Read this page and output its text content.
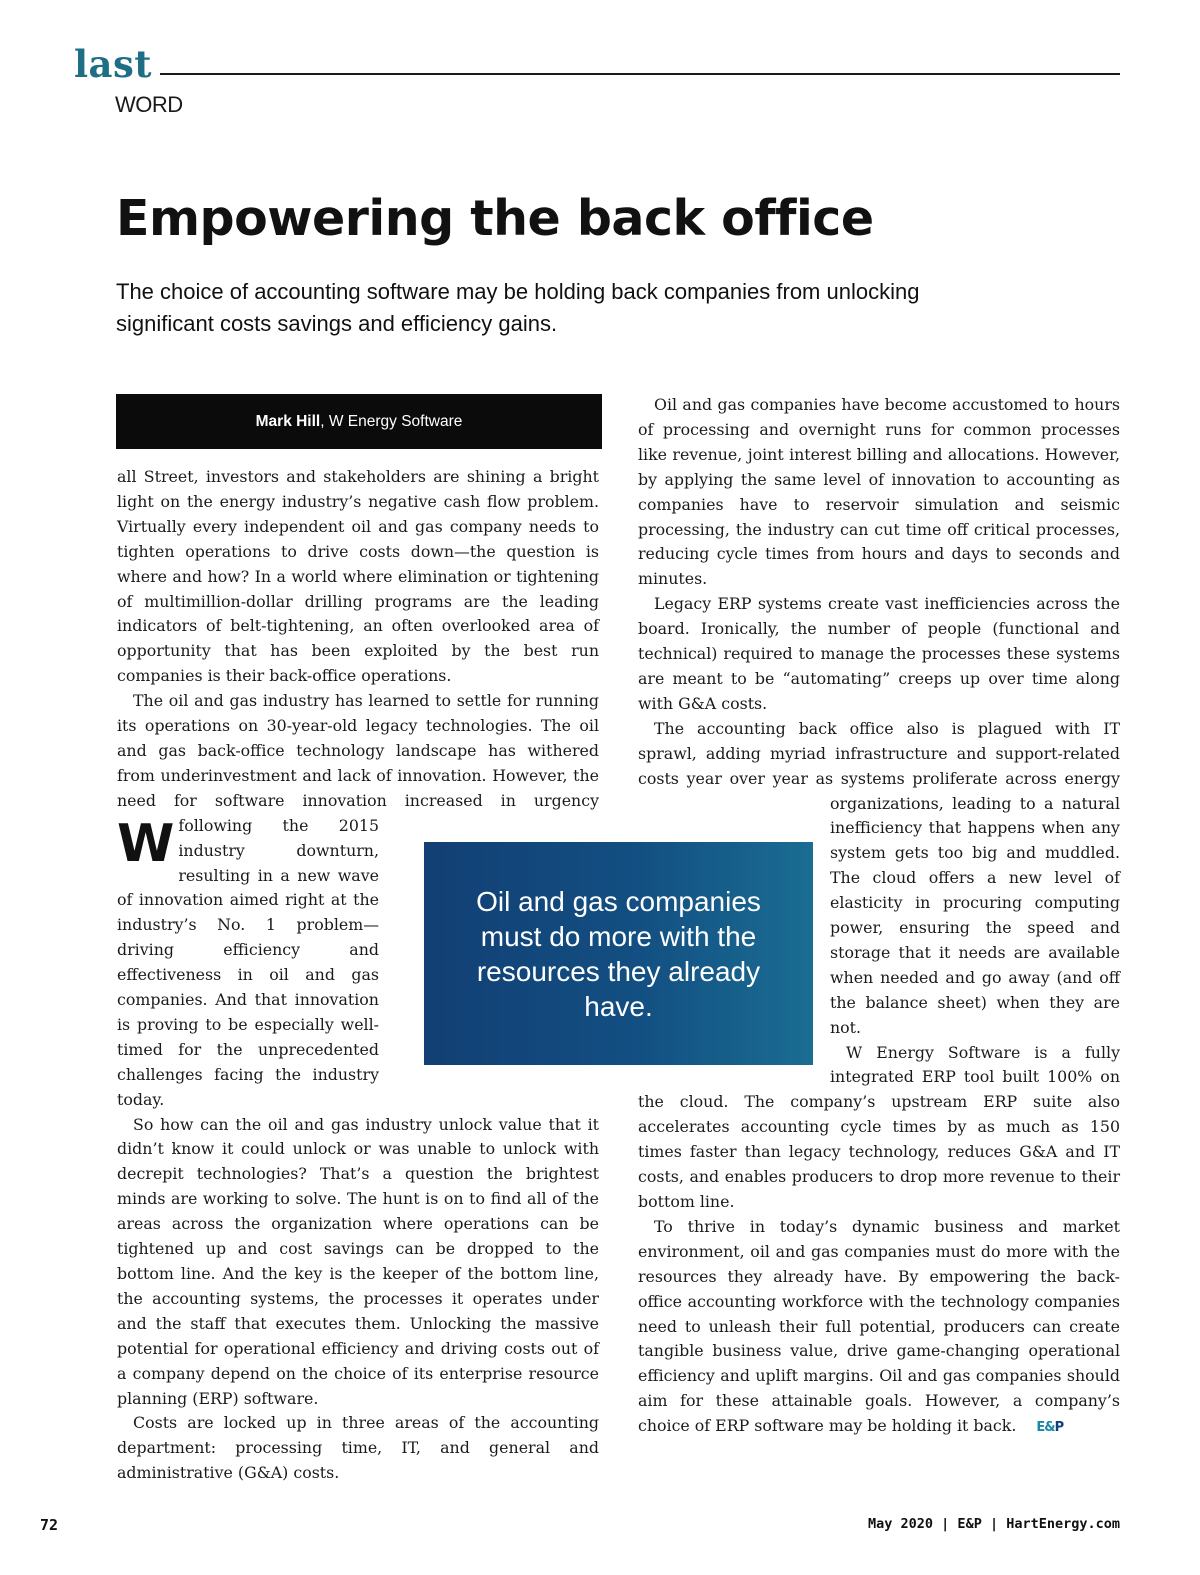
last
WORD
Empowering the back office
The choice of accounting software may be holding back companies from unlocking significant costs savings and efficiency gains.
Mark Hill , W Energy Software

W
all Street, investors and stakeholders are shining a bright light on the energy industry’s negative cash flow problem. Virtually every independent oil and gas company needs to tighten operations to drive costs down—the question is where and how? In a world where elimination or tightening of multimillion-dollar drilling programs are the leading indicators of belt-tightening, an often overlooked area of opportunity that has been exploited by the best run companies is their back-office operations.

The oil and gas industry has learned to settle for running its operations on 30-year-old legacy technologies. The oil and gas back-office technology landscape has withered from underinvestment and lack of innovation. However, the need for software innovation increased in urgency following the 2015 industry downturn, resulting in a new wave of innovation aimed right at the industry’s No. 1 problem—driving efficiency and effectiveness in oil and gas companies. And that innovation is proving to be especially well-timed for the unprecedented challenges facing the industry today.

So how can the oil and gas industry unlock value that it didn’t know it could unlock or was unable to unlock with decrepit technologies? That’s a question the brightest minds are working to solve. The hunt is on to find all of the areas across the organization where operations can be tightened up and cost savings can be dropped to the bottom line. And the key is the keeper of the bottom line, the accounting systems, the processes it operates under and the staff that executes them. Unlocking the massive potential for operational efficiency and driving costs out of a company depend on the choice of its enterprise resource planning (ERP) software.

Costs are locked up in three areas of the accounting department: processing time, IT, and general and administrative (G&A) costs.

Oil and gas companies have become accustomed to hours of processing and overnight runs for common processes like revenue, joint interest billing and allocations. However, by applying the same level of innovation to accounting as companies have to reservoir simulation and seismic processing, the industry can cut time off critical processes, reducing cycle times from hours and days to seconds and minutes.

Legacy ERP systems create vast inefficiencies across the board. Ironically, the number of people (functional and technical) required to manage the processes these systems are meant to be “automating” creeps up over time along with G&A costs.

The accounting back office also is plagued with IT sprawl, adding myriad infrastructure and support-related costs year over year as systems proliferate across energy organizations, leading to a natural inefficiency that happens when any system gets too big and muddled. The cloud offers a new level of elasticity in procuring computing power, ensuring the speed and storage that it needs are available when needed and go away (and off the balance sheet) when they are not.

W Energy Software is a fully integrated ERP tool built 100% on the cloud. The company’s upstream ERP suite also accelerates accounting cycle times by as much as 150 times faster than legacy technology, reduces G&A and IT costs, and enables producers to drop more revenue to their bottom line.

To thrive in today’s dynamic business and market environment, oil and gas companies must do more with the resources they already have. By empowering the back-office accounting workforce with the technology companies need to unleash their full potential, producers can create tangible business value, drive game-changing operational efficiency and uplift margins. Oil and gas companies should aim for these attainable goals. However, a company’s choice of ERP software may be holding it back. E&P

Oil and gas companies must do more with the resources they already have.
72	May 2020 | E&P | HartEnergy.com
